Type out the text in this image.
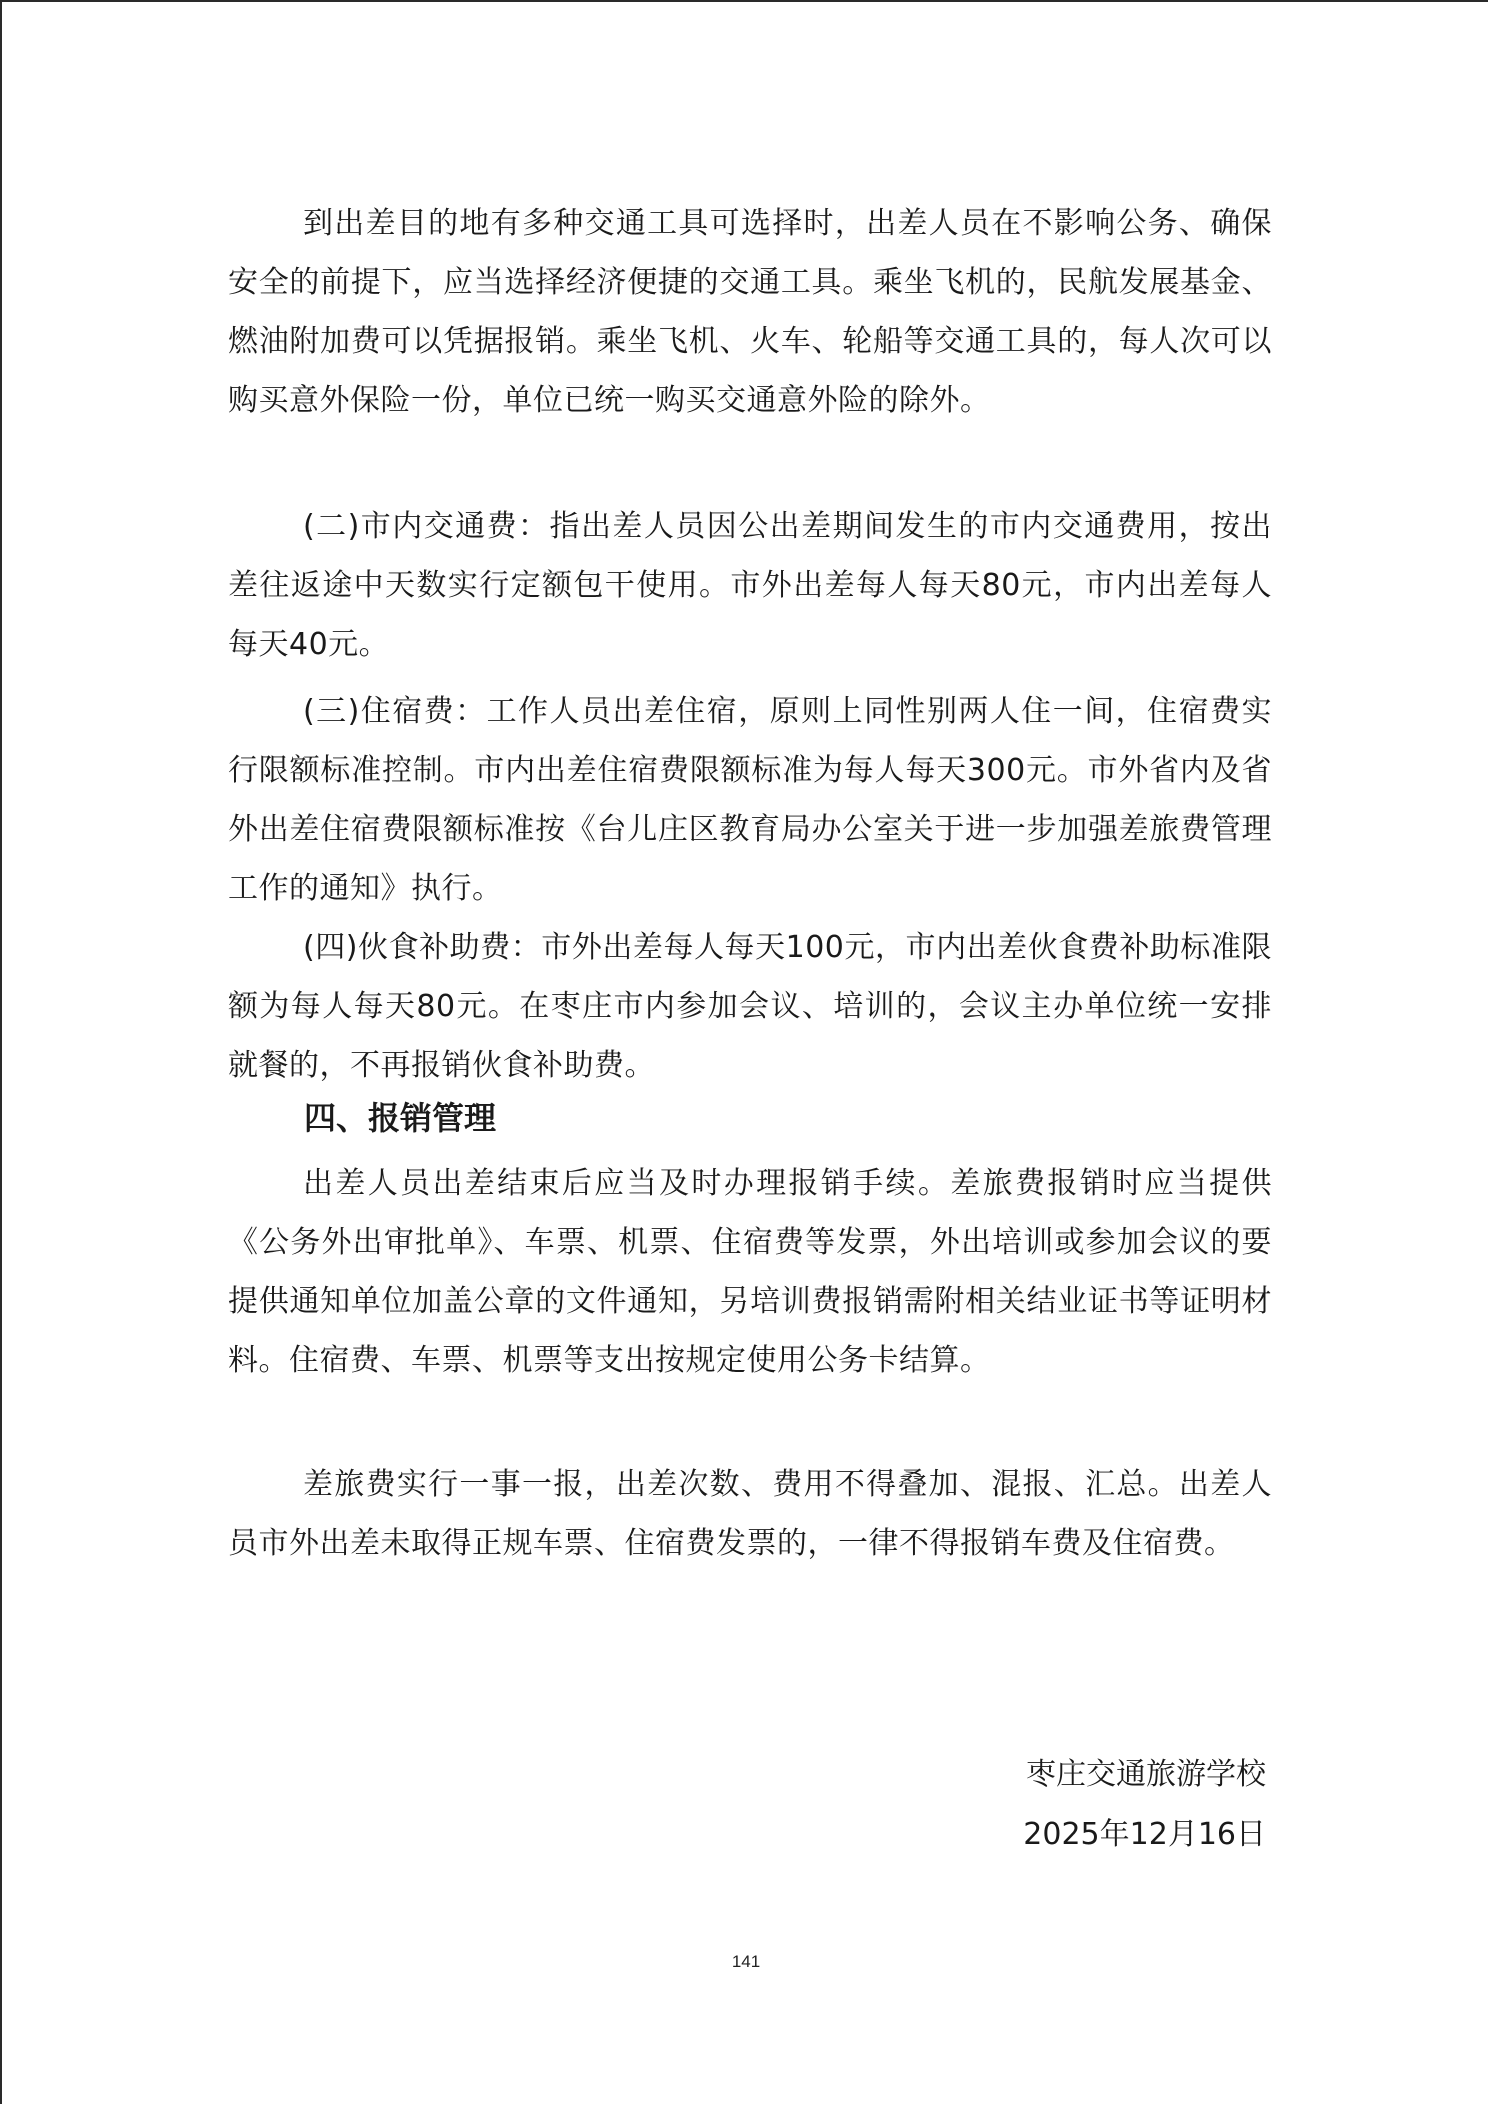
到出差目的地有多种交通工具可选择时，出差人员在不影响公务、确保安全的前提下，应当选择经济便捷的交通工具。乘坐飞机的，民航发展基金、燃油附加费可以凭据报销。乘坐飞机、火车、轮船等交通工具的，每人次可以购买意外保险一份，单位已统一购买交通意外险的除外。

(二)市内交通费：指出差人员因公出差期间发生的市内交通费用，按出差往返途中天数实行定额包干使用。市外出差每人每天80元，市内出差每人每天40元。

(三)住宿费：工作人员出差住宿，原则上同性别两人住一间，住宿费实行限额标准控制。市内出差住宿费限额标准为每人每天300元。市外省内及省外出差住宿费限额标准按《台儿庄区教育局办公室关于进一步加强差旅费管理工作的通知》执行。

(四)伙食补助费：市外出差每人每天100元，市内出差伙食费补助标准限额为每人每天80元。在枣庄市内参加会议、培训的，会议主办单位统一安排就餐的，不再报销伙食补助费。

四、报销管理

出差人员出差结束后应当及时办理报销手续。差旅费报销时应当提供《公务外出审批单》、车票、机票、住宿费等发票，外出培训或参加会议的要提供通知单位加盖公章的文件通知，另培训费报销需附相关结业证书等证明材料。住宿费、车票、机票等支出按规定使用公务卡结算。

差旅费实行一事一报，出差次数、费用不得叠加、混报、汇总。出差人员市外出差未取得正规车票、住宿费发票的，一律不得报销车费及住宿费。

枣庄交通旅游学校

2025年12月16日

141
